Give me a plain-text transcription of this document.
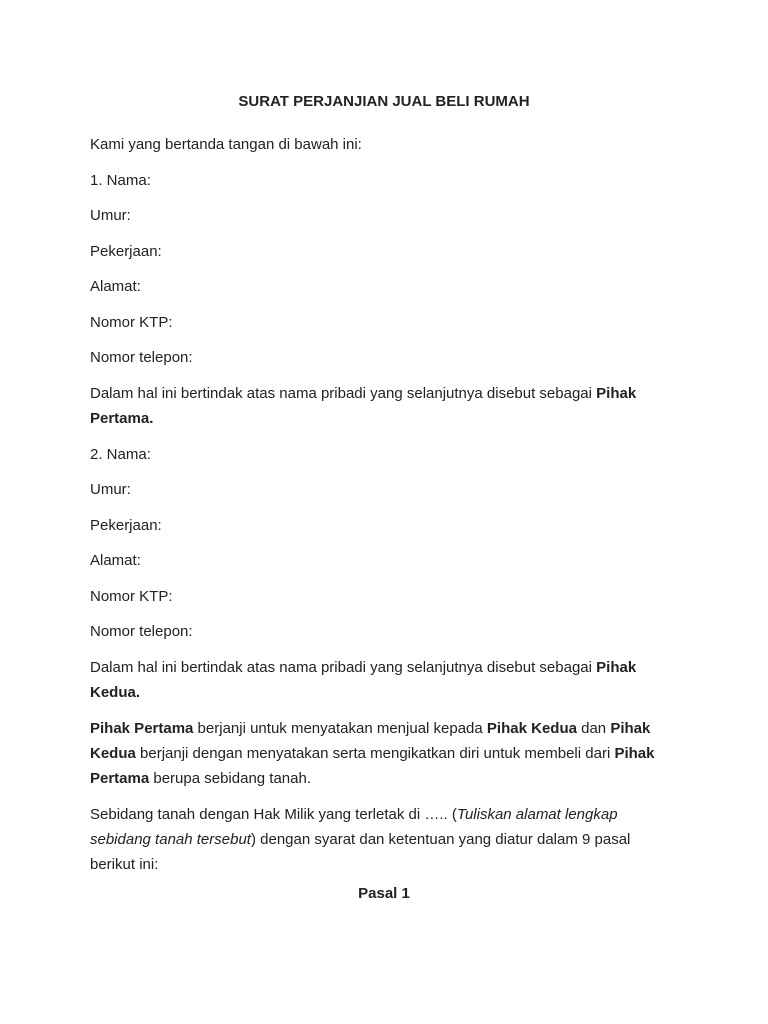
SURAT PERJANJIAN JUAL BELI RUMAH

Kami yang bertanda tangan di bawah ini:

1. Nama:

Umur:

Pekerjaan:

Alamat:

Nomor KTP:

Nomor telepon:

Dalam hal ini bertindak atas nama pribadi yang selanjutnya disebut sebagai Pihak Pertama.

2. Nama:

Umur:

Pekerjaan:

Alamat:

Nomor KTP:

Nomor telepon:

Dalam hal ini bertindak atas nama pribadi yang selanjutnya disebut sebagai Pihak Kedua.

Pihak Pertama berjanji untuk menyatakan menjual kepada Pihak Kedua dan Pihak Kedua berjanji dengan menyatakan serta mengikatkan diri untuk membeli dari Pihak Pertama berupa sebidang tanah.

Sebidang tanah dengan Hak Milik yang terletak di ….. (Tuliskan alamat lengkap sebidang tanah tersebut) dengan syarat dan ketentuan yang diatur dalam 9 pasal berikut ini:

Pasal 1
